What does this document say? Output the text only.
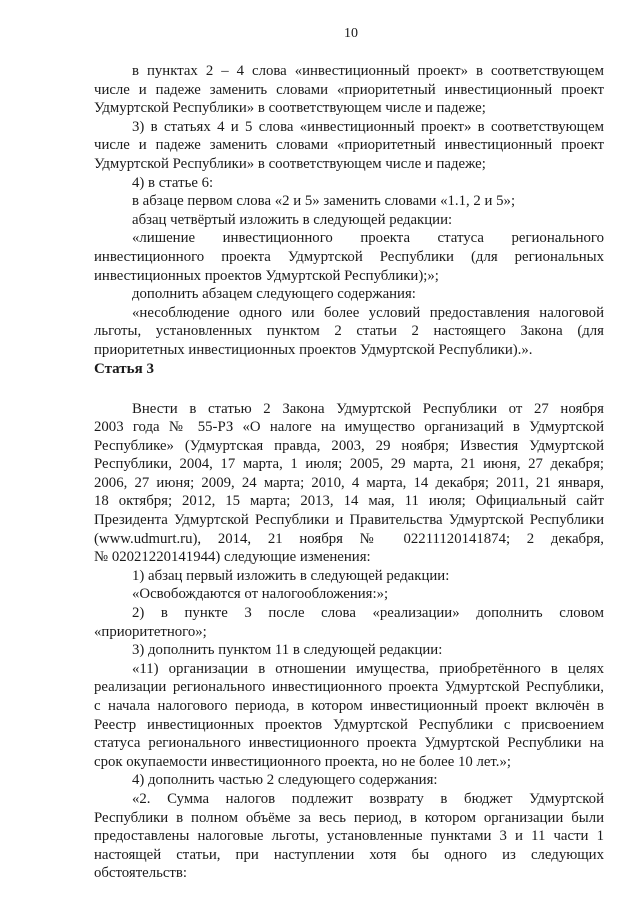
10

в пунктах 2 – 4 слова «инвестиционный проект» в соответствующем

числе и падеже заменить словами «приоритетный инвестиционный проект

Удмуртской Республики» в соответствующем числе и падеже;

3) в статьях 4 и 5 слова «инвестиционный проект» в соответствующем

числе и падеже заменить словами «приоритетный инвестиционный проект

Удмуртской Республики» в соответствующем числе и падеже;

4) в статье 6:

в абзаце первом слова «2 и 5» заменить словами «1.1, 2 и 5»;

абзац четвёртый изложить в следующей редакции:

«лишение инвестиционного проекта статуса регионального

инвестиционного проекта Удмуртской Республики (для региональных

инвестиционных проектов Удмуртской Республики);»;

дополнить абзацем следующего содержания:

«несоблюдение одного или более условий предоставления налоговой

льготы, установленных пунктом 2 статьи 2 настоящего Закона (для

приоритетных инвестиционных проектов Удмуртской Республики).».

Статья 3

Внести в статью 2 Закона Удмуртской Республики от 27 ноября

2003 года № 55-РЗ «О налоге на имущество организаций в Удмуртской

Республике» (Удмуртская правда, 2003, 29 ноября; Известия Удмуртской

Республики, 2004, 17 марта, 1 июля; 2005, 29 марта, 21 июня, 27 декабря;

2006, 27 июня; 2009, 24 марта; 2010, 4 марта, 14 декабря; 2011, 21 января,

18 октября; 2012, 15 марта; 2013, 14 мая, 11 июля; Официальный сайт

Президента Удмуртской Республики и Правительства Удмуртской Республики

(www.udmurt.ru), 2014, 21 ноября № 02211120141874; 2 декабря,

№ 02021220141944) следующие изменения:

1) абзац первый изложить в следующей редакции:

«Освобождаются от налогообложения:»;

2) в пункте 3 после слова «реализации» дополнить словом

«приоритетного»;

3) дополнить пунктом 11 в следующей редакции:

«11) организации в отношении имущества, приобретённого в целях

реализации регионального инвестиционного проекта Удмуртской Республики,

с начала налогового периода, в котором инвестиционный проект включён в

Реестр инвестиционных проектов Удмуртской Республики с присвоением

статуса регионального инвестиционного проекта Удмуртской Республики на

срок окупаемости инвестиционного проекта, но не более 10 лет.»;

4) дополнить частью 2 следующего содержания:

«2. Сумма налогов подлежит возврату в бюджет Удмуртской

Республики в полном объёме за весь период, в котором организации были

предоставлены налоговые льготы, установленные пунктами 3 и 11 части 1

настоящей статьи, при наступлении хотя бы одного из следующих

обстоятельств:
